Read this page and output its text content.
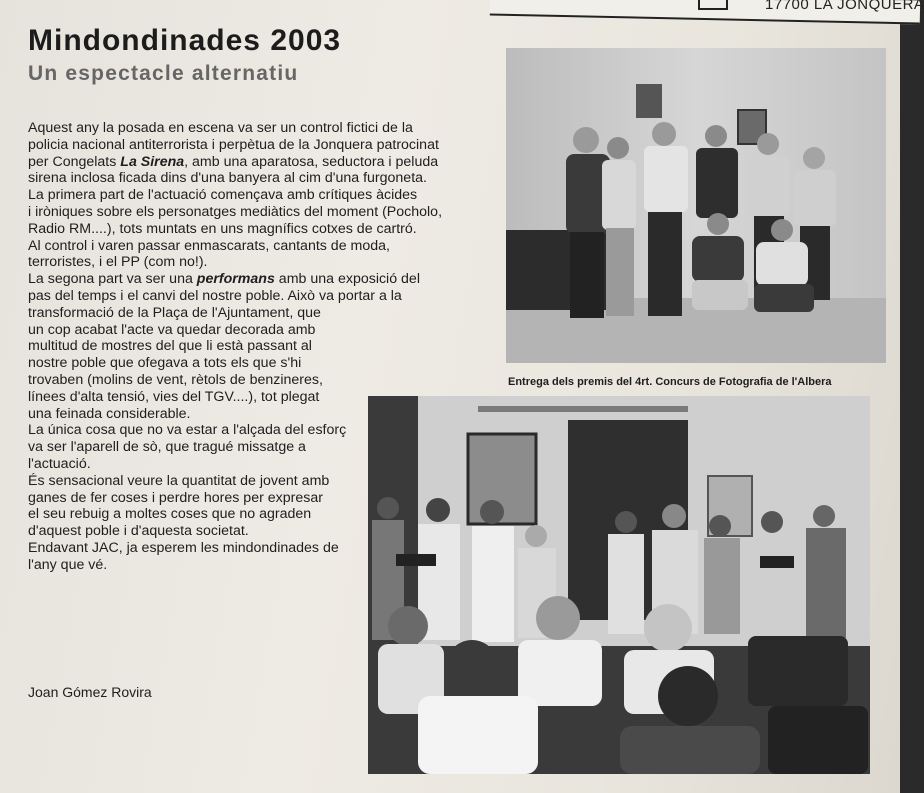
17700 LA JONQUERA
Mindondinades 2003
Un espectacle alternatiu
Aquest any la posada en escena va ser un control fictici de la
policia nacional antiterrorista i perpètua de la Jonquera patrocinat
per Congelats La Sirena, amb una aparatosa, seductora i peluda
sirena inclosa ficada dins d'una banyera al cim d'una furgoneta.
La primera part de l'actuació començava amb crítiques àcides
i iròniques sobre els personatges mediàtics del moment (Pocholo,
Radio RM....), tots muntats en uns magnífics cotxes de cartró.
Al control i varen passar enmascarats, cantants de moda,
terroristes, i el PP (com no!).
La segona part va ser una performans amb una exposició del
pas del temps i el canvi del nostre poble. Això va portar a la
transformació de la Plaça de l'Ajuntament, que
un cop acabat l'acte va quedar decorada amb
multitud de mostres del que li està passant al
nostre poble que ofegava a tots els que s'hi
trovaben (molins de vent, rètols de benzineres,
línees d'alta tensió, vies del TGV....), tot plegat
una feinada considerable.
La única cosa que no va estar a l'alçada del esforç
va ser l'aparell de sò, que tragué missatge a
l'actuació.
És sensacional veure la quantitat de jovent amb
ganes de fer coses i perdre hores per expresar
el seu rebuig a moltes coses que no agraden
d'aquest poble i d'aquesta societat.
Endavant JAC, ja esperem les mindondinades de
l'any que vé.
Joan Gómez Rovira
Entrega dels premis del 4rt. Concurs de Fotografia de l'Albera
